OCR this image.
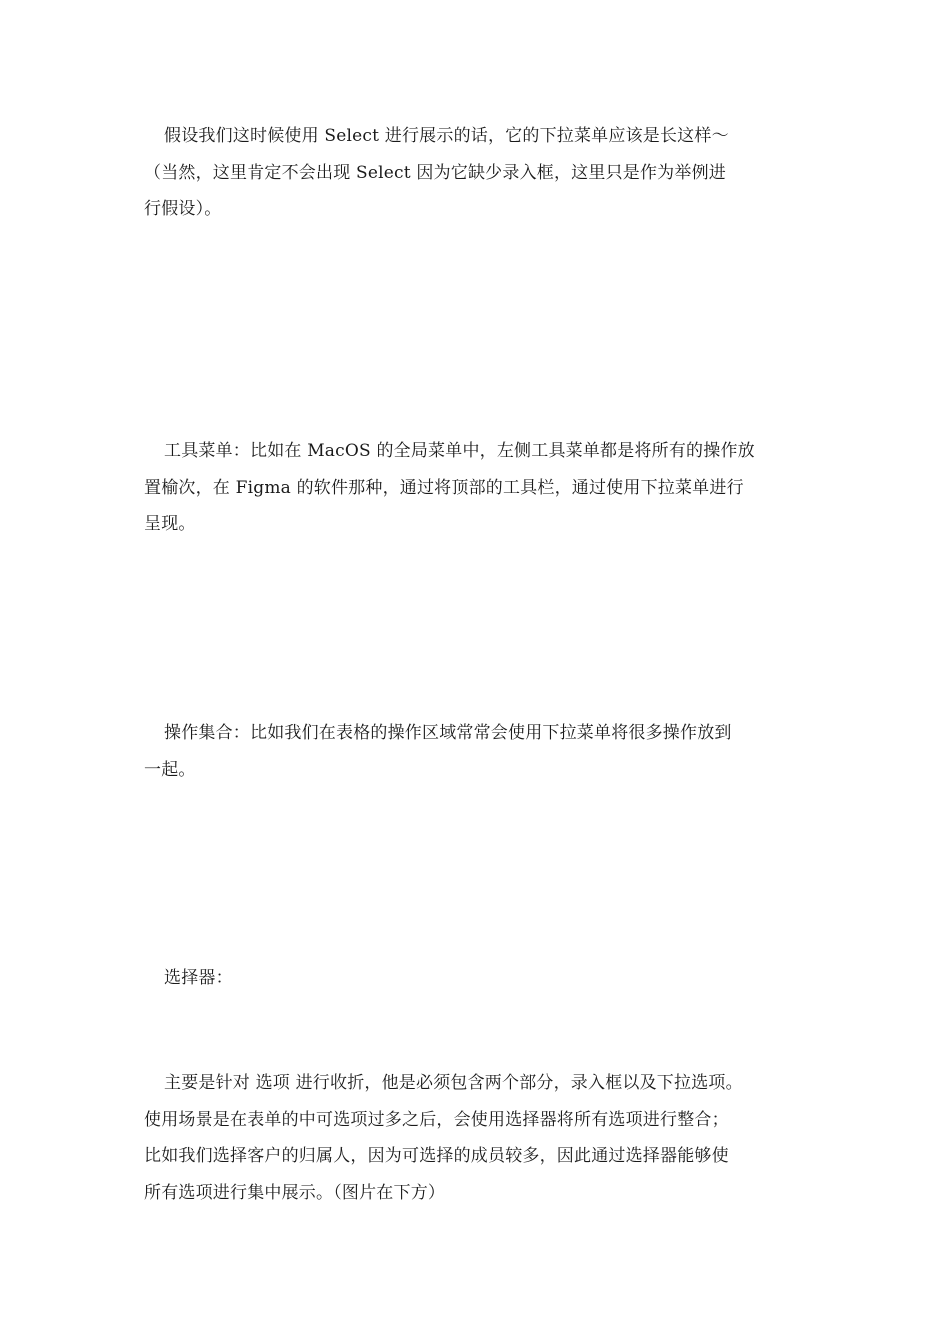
假设我们这时候使用 Select 进行展示的话，它的下拉菜单应该是长这样～
（当然，这里肯定不会出现 Select 因为它缺少录入框，这里只是作为举例进
行假设）。
工具菜单：比如在 MacOS 的全局菜单中，左侧工具菜单都是将所有的操作放
置榆次，在 Figma 的软件那种，通过将顶部的工具栏，通过使用下拉菜单进行
呈现。
操作集合：比如我们在表格的操作区域常常会使用下拉菜单将很多操作放到
一起。
选择器：
主要是针对 选项 进行收折，他是必须包含两个部分，录入框以及下拉选项。
使用场景是在表单的中可选项过多之后，会使用选择器将所有选项进行整合；
比如我们选择客户的归属人，因为可选择的成员较多，因此通过选择器能够使
所有选项进行集中展示。（图片在下方）
